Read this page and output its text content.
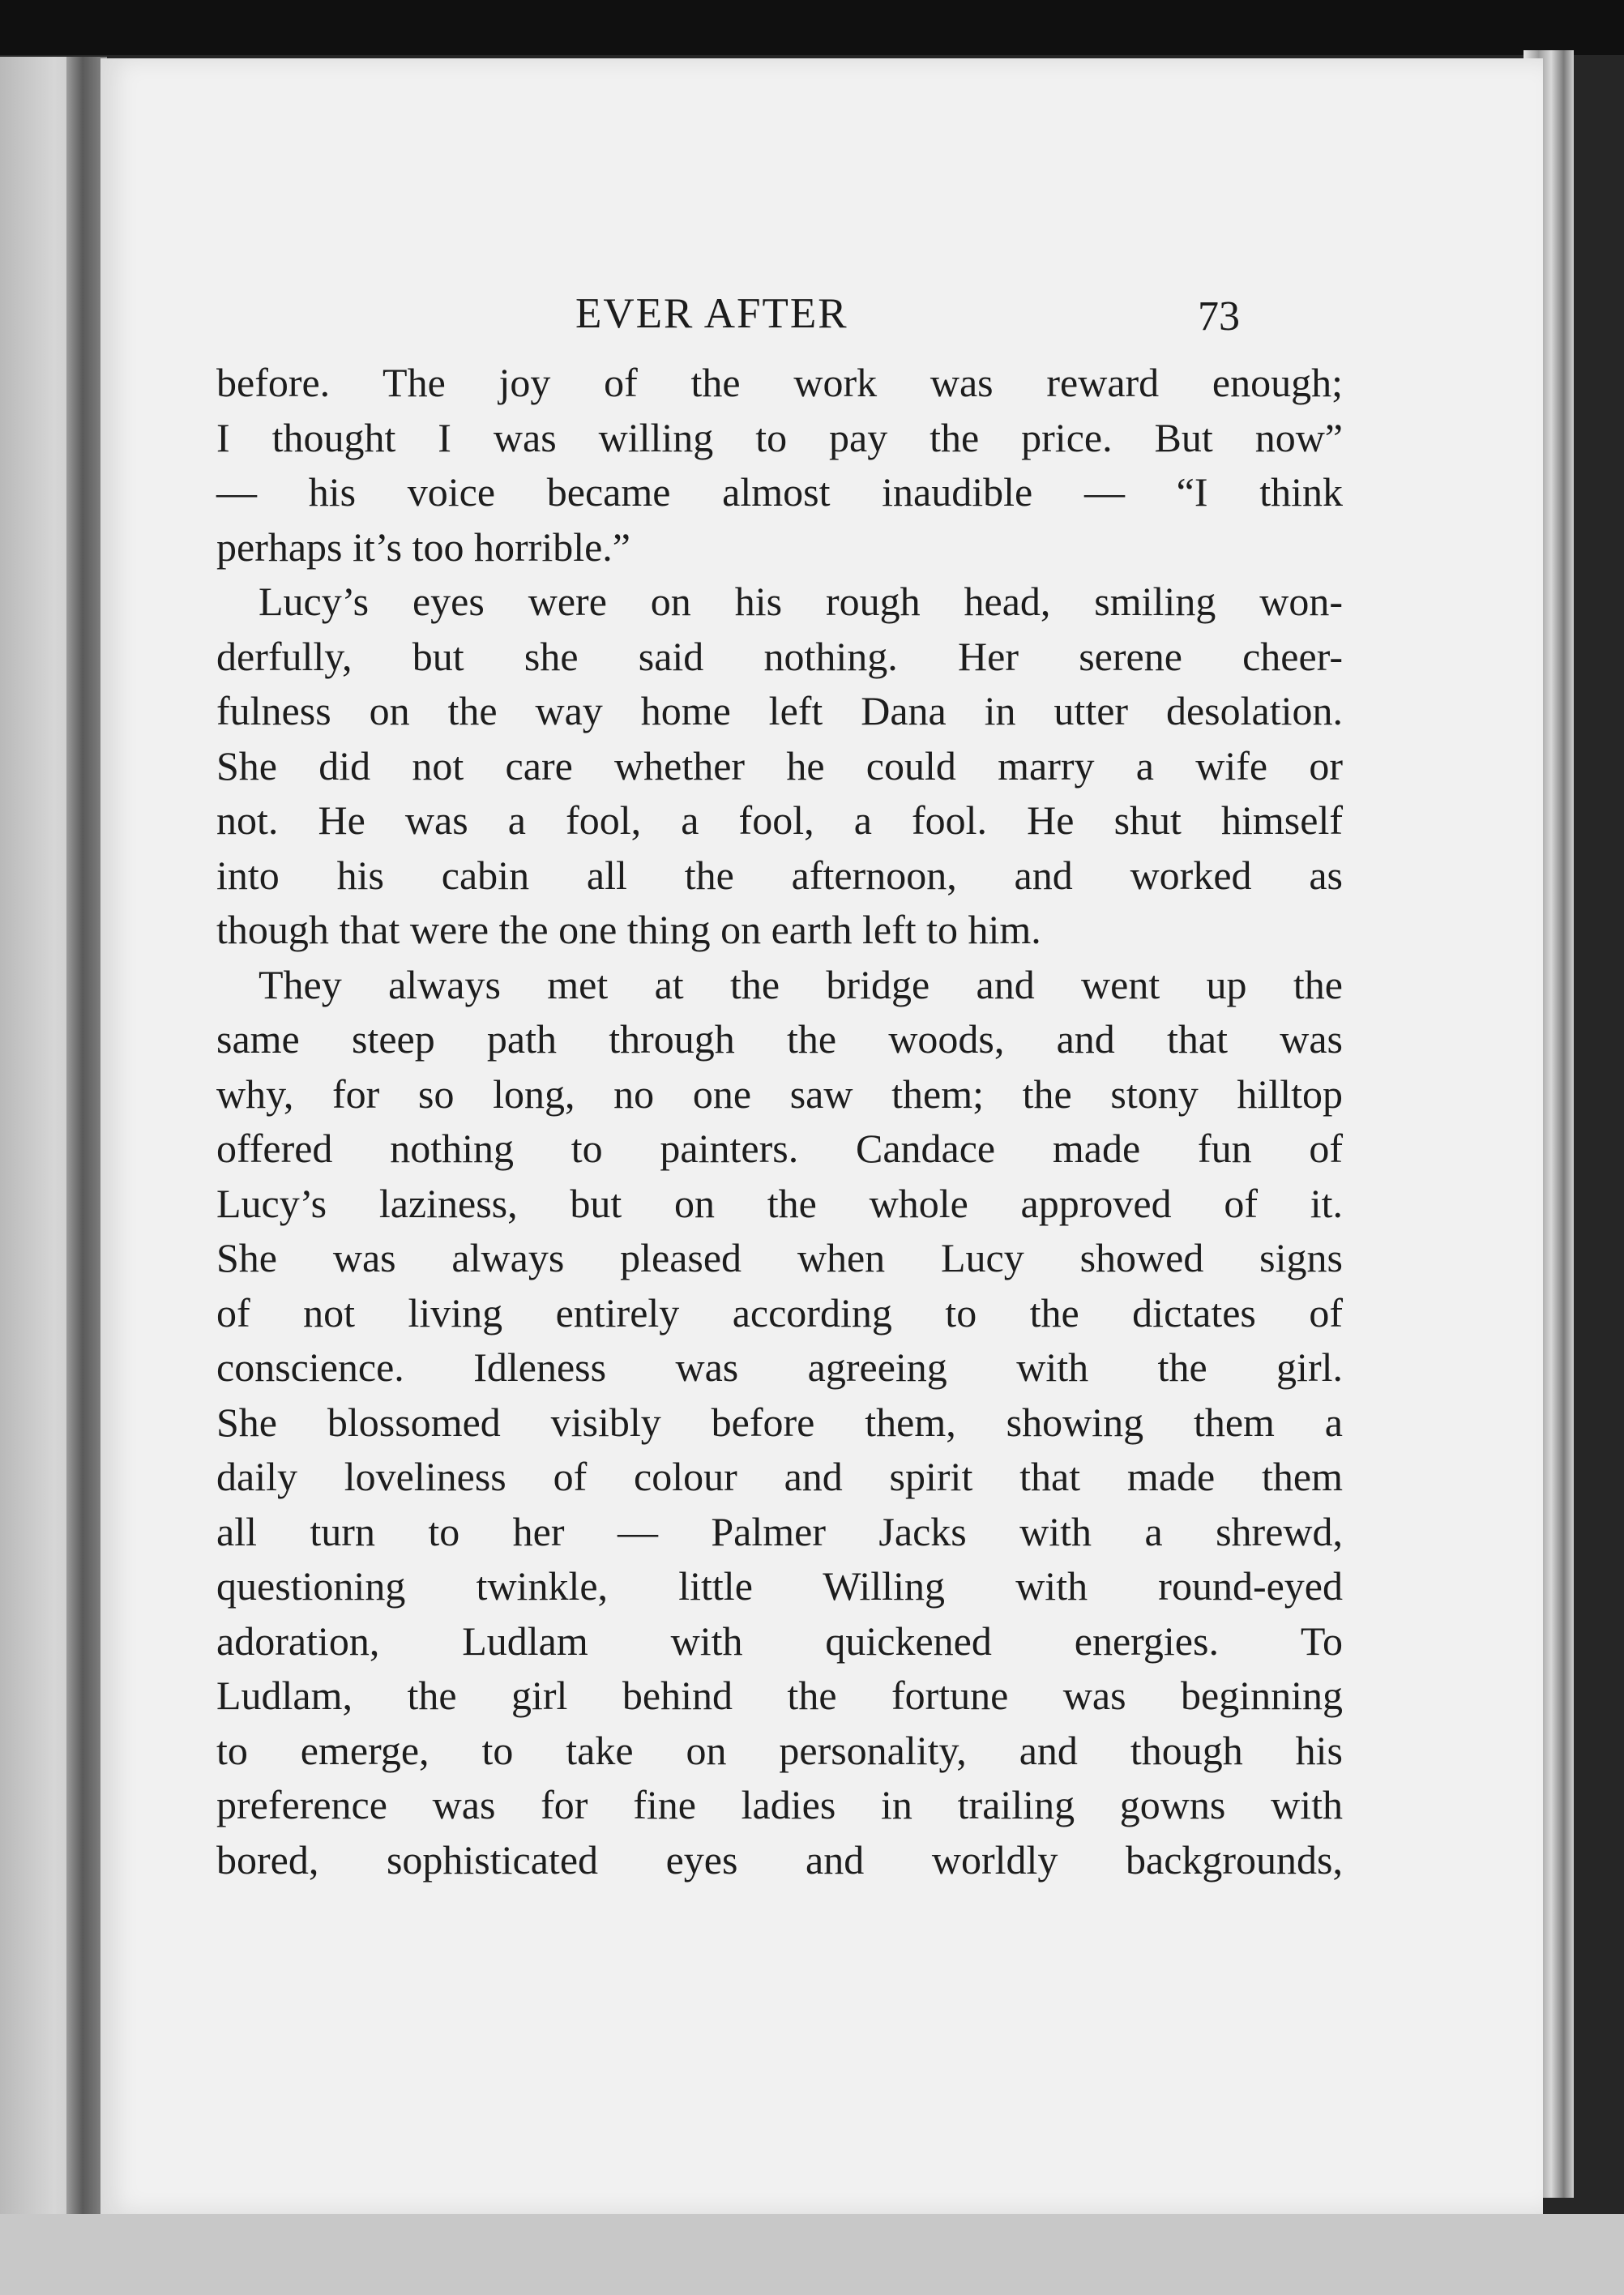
EVER AFTER	73
before. The joy of the work was reward enough;
I thought I was willing to pay the price. But now”
— his voice became almost inaudible — “I think
perhaps it’s too horrible.”
Lucy’s eyes were on his rough head, smiling won-
derfully, but she said nothing. Her serene cheer-
fulness on the way home left Dana in utter desolation.
She did not care whether he could marry a wife or
not. He was a fool, a fool, a fool. He shut himself
into his cabin all the afternoon, and worked as
though that were the one thing on earth left to him.
They always met at the bridge and went up the
same steep path through the woods, and that was
why, for so long, no one saw them; the stony hilltop
offered nothing to painters. Candace made fun of
Lucy’s laziness, but on the whole approved of it.
She was always pleased when Lucy showed signs
of not living entirely according to the dictates of
conscience. Idleness was agreeing with the girl.
She blossomed visibly before them, showing them a
daily loveliness of colour and spirit that made them
all turn to her — Palmer Jacks with a shrewd,
questioning twinkle, little Willing with round-eyed
adoration, Ludlam with quickened energies. To
Ludlam, the girl behind the fortune was beginning
to emerge, to take on personality, and though his
preference was for fine ladies in trailing gowns with
bored, sophisticated eyes and worldly backgrounds,
